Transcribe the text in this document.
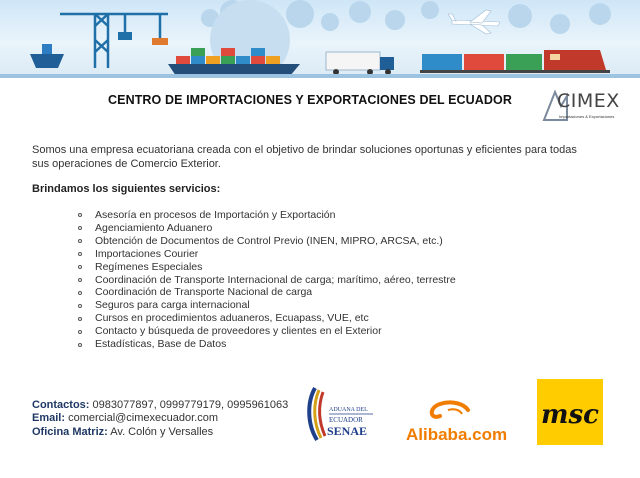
CENTRO DE IMPORTACIONES Y EXPORTACIONES DEL ECUADOR CIMEX
Importaciones & Exportaciones

Somos una empresa ecuatoriana creada con el objetivo de brindar soluciones oportunas y eficientes para todas sus operaciones de Comercio Exterior.

Brindamos los siguientes servicios:
Asesoría en procesos de Importación y Exportación
Agenciamiento Aduanero
Obtención de Documentos de Control Previo (INEN, MIPRO, ARCSA, etc.)
Importaciones Courier
Regímenes Especiales
Coordinación de Transporte Internacional de carga; marítimo, aéreo, terrestre
Coordinación de Transporte Nacional de carga
Seguros para carga internacional
Cursos en procedimientos aduaneros, Ecuapass, VUE, etc
Contacto y búsqueda de proveedores y clientes en el Exterior
Estadísticas, Base de Datos
Contactos: 0983077897, 0999779179, 0995961063
Email: comercial@cimexecuador.com
Oficina Matriz: Av. Colón y Versalles
ADUANA DEL
ECUADOR
SENAE Alibaba.com
msc
